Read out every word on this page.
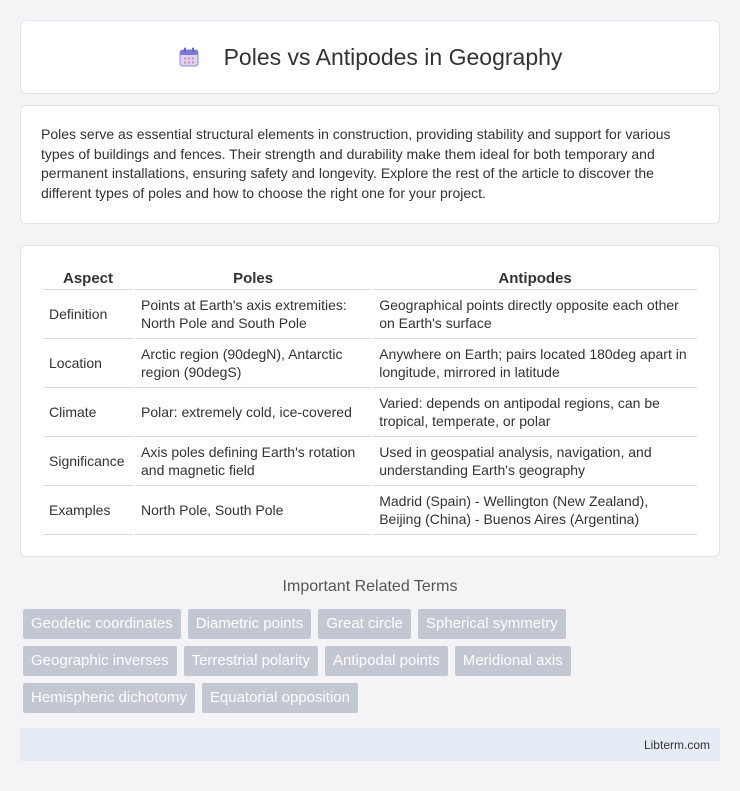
Poles vs Antipodes in Geography

Poles serve as essential structural elements in construction, providing stability and support for various types of buildings and fences. Their strength and durability make them ideal for both temporary and permanent installations, ensuring safety and longevity. Explore the rest of the article to discover the different types of poles and how to choose the right one for your project.

Aspect	Poles	Antipodes
Definition	Points at Earth's axis extremities: North Pole and South Pole	Geographical points directly opposite each other on Earth's surface
Location	Arctic region (90degN), Antarctic region (90degS)	Anywhere on Earth; pairs located 180deg apart in longitude, mirrored in latitude
Climate	Polar: extremely cold, ice-covered	Varied: depends on antipodal regions, can be tropical, temperate, or polar
Significance	Axis poles defining Earth's rotation and magnetic field	Used in geospatial analysis, navigation, and understanding Earth's geography
Examples	North Pole, South Pole	Madrid (Spain) - Wellington (New Zealand), Beijing (China) - Buenos Aires (Argentina)
Important Related Terms
Geodetic coordinates	Diametric points	Great circle	Spherical symmetry
Geographic inverses	Terrestrial polarity	Antipodal points	Meridional axis
Hemispheric dichotomy	Equatorial opposition
Libterm.com
